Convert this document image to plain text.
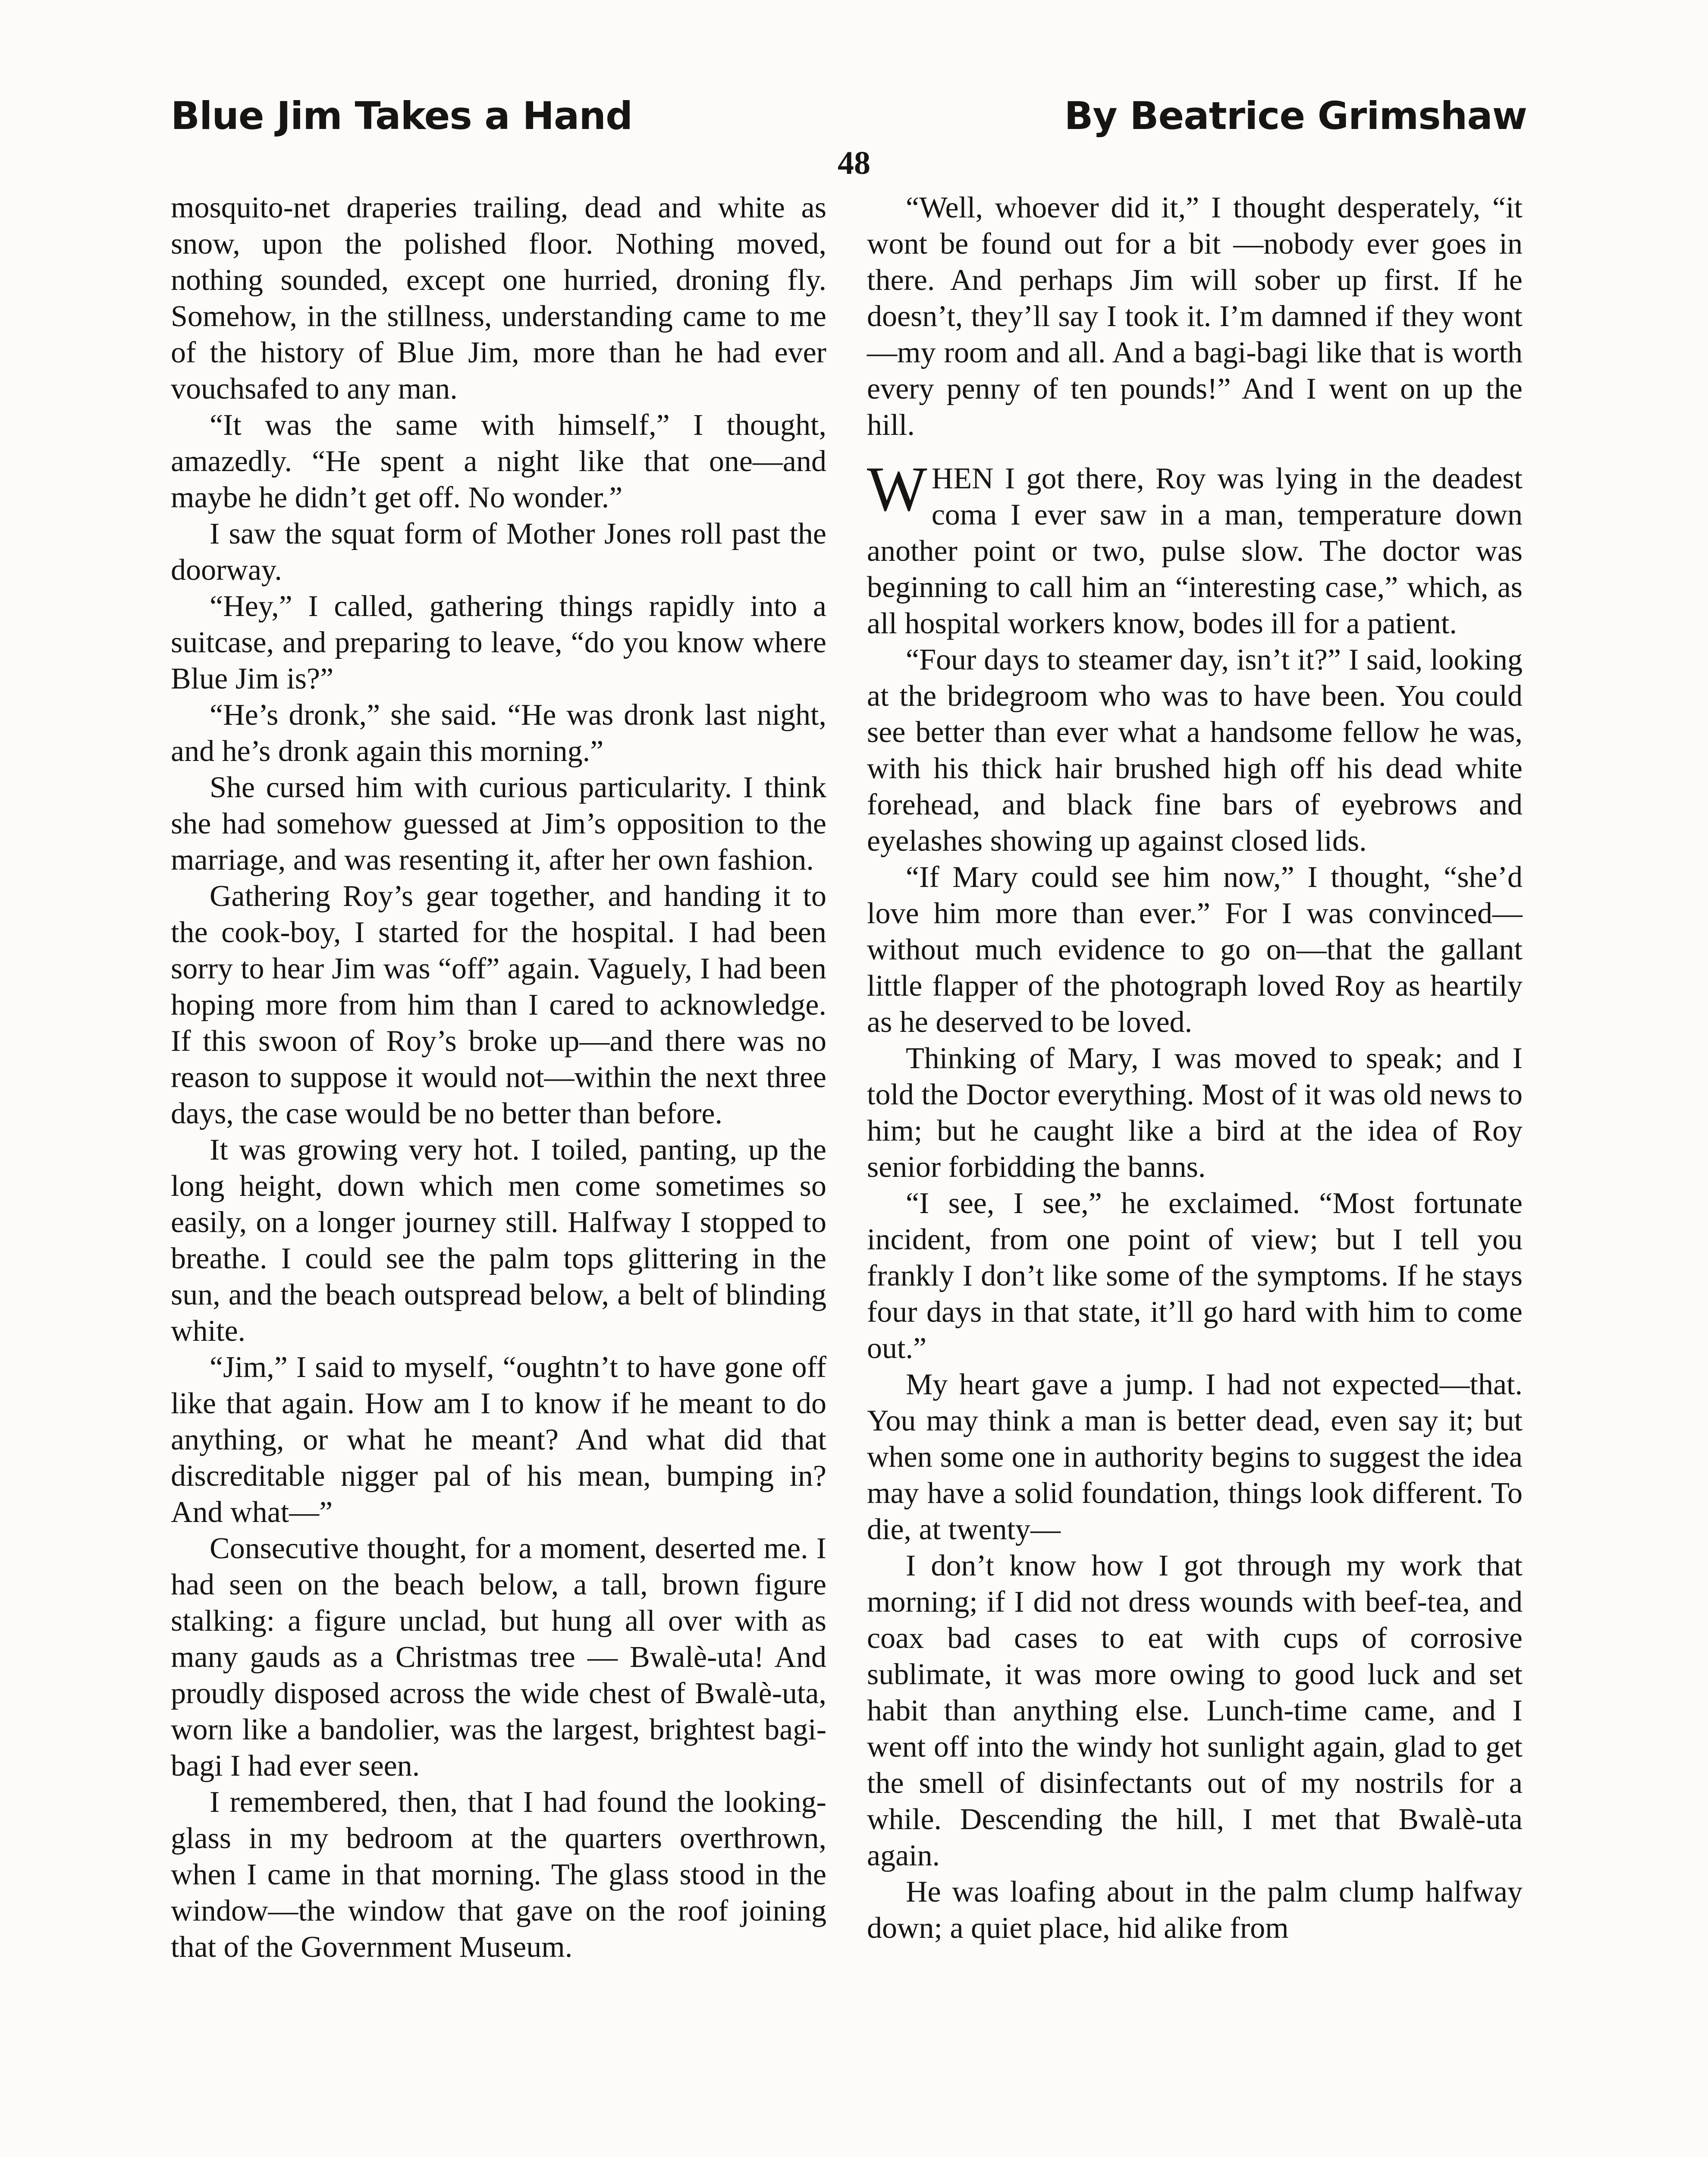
Blue Jim Takes a Hand	By Beatrice Grimshaw
48

mosquito-net draperies trailing, dead and white as snow, upon the polished floor. Nothing moved, nothing sounded, except one hurried, droning fly. Somehow, in the stillness, understanding came to me of the history of Blue Jim, more than he had ever vouchsafed to any man.

“It was the same with himself,” I thought, amazedly. “He spent a night like that one—and maybe he didn’t get off. No wonder.”

I saw the squat form of Mother Jones roll past the doorway.

“Hey,” I called, gathering things rapidly into a suitcase, and preparing to leave, “do you know where Blue Jim is?”

“He’s dronk,” she said. “He was dronk last night, and he’s dronk again this morning.”

She cursed him with curious particularity. I think she had somehow guessed at Jim’s opposition to the marriage, and was resenting it, after her own fashion.

Gathering Roy’s gear together, and handing it to the cook-boy, I started for the hospital. I had been sorry to hear Jim was “off” again. Vaguely, I had been hoping more from him than I cared to acknowledge. If this swoon of Roy’s broke up—and there was no reason to suppose it would not—within the next three days, the case would be no better than before.

It was growing very hot. I toiled, panting, up the long height, down which men come sometimes so easily, on a longer journey still. Halfway I stopped to breathe. I could see the palm tops glittering in the sun, and the beach outspread below, a belt of blinding white.

“Jim,” I said to myself, “oughtn’t to have gone off like that again. How am I to know if he meant to do anything, or what he meant? And what did that discreditable nigger pal of his mean, bumping in? And what—”

Consecutive thought, for a moment, deserted me. I had seen on the beach below, a tall, brown figure stalking: a figure unclad, but hung all over with as many gauds as a Christmas tree — Bwalè-uta! And proudly disposed across the wide chest of Bwalè-uta, worn like a bandolier, was the largest, brightest bagi-bagi I had ever seen.

I remembered, then, that I had found the looking-glass in my bedroom at the quarters overthrown, when I came in that morning. The glass stood in the window—the window that gave on the roof joining that of the Government Museum.

“Well, whoever did it,” I thought desperately, “it wont be found out for a bit —nobody ever goes in there. And perhaps Jim will sober up first. If he doesn’t, they’ll say I took it. I’m damned if they wont—my room and all. And a bagi-bagi like that is worth every penny of ten pounds!” And I went on up the hill.

WHEN I got there, Roy was lying in the deadest coma I ever saw in a man, temperature down another point or two, pulse slow. The doctor was beginning to call him an “interesting case,” which, as all hospital workers know, bodes ill for a patient.

“Four days to steamer day, isn’t it?” I said, looking at the bridegroom who was to have been. You could see better than ever what a handsome fellow he was, with his thick hair brushed high off his dead white forehead, and black fine bars of eyebrows and eyelashes showing up against closed lids.

“If Mary could see him now,” I thought, “she’d love him more than ever.” For I was convinced—without much evidence to go on—that the gallant little flapper of the photograph loved Roy as heartily as he deserved to be loved.

Thinking of Mary, I was moved to speak; and I told the Doctor everything. Most of it was old news to him; but he caught like a bird at the idea of Roy senior forbidding the banns.

“I see, I see,” he exclaimed. “Most fortunate incident, from one point of view; but I tell you frankly I don’t like some of the symptoms. If he stays four days in that state, it’ll go hard with him to come out.”

My heart gave a jump. I had not expected—that. You may think a man is better dead, even say it; but when some one in authority begins to suggest the idea may have a solid foundation, things look different. To die, at twenty—

I don’t know how I got through my work that morning; if I did not dress wounds with beef-tea, and coax bad cases to eat with cups of corrosive sublimate, it was more owing to good luck and set habit than anything else. Lunch-time came, and I went off into the windy hot sunlight again, glad to get the smell of disinfectants out of my nostrils for a while. Descending the hill, I met that Bwalè-uta again.

He was loafing about in the palm clump halfway down; a quiet place, hid alike from
